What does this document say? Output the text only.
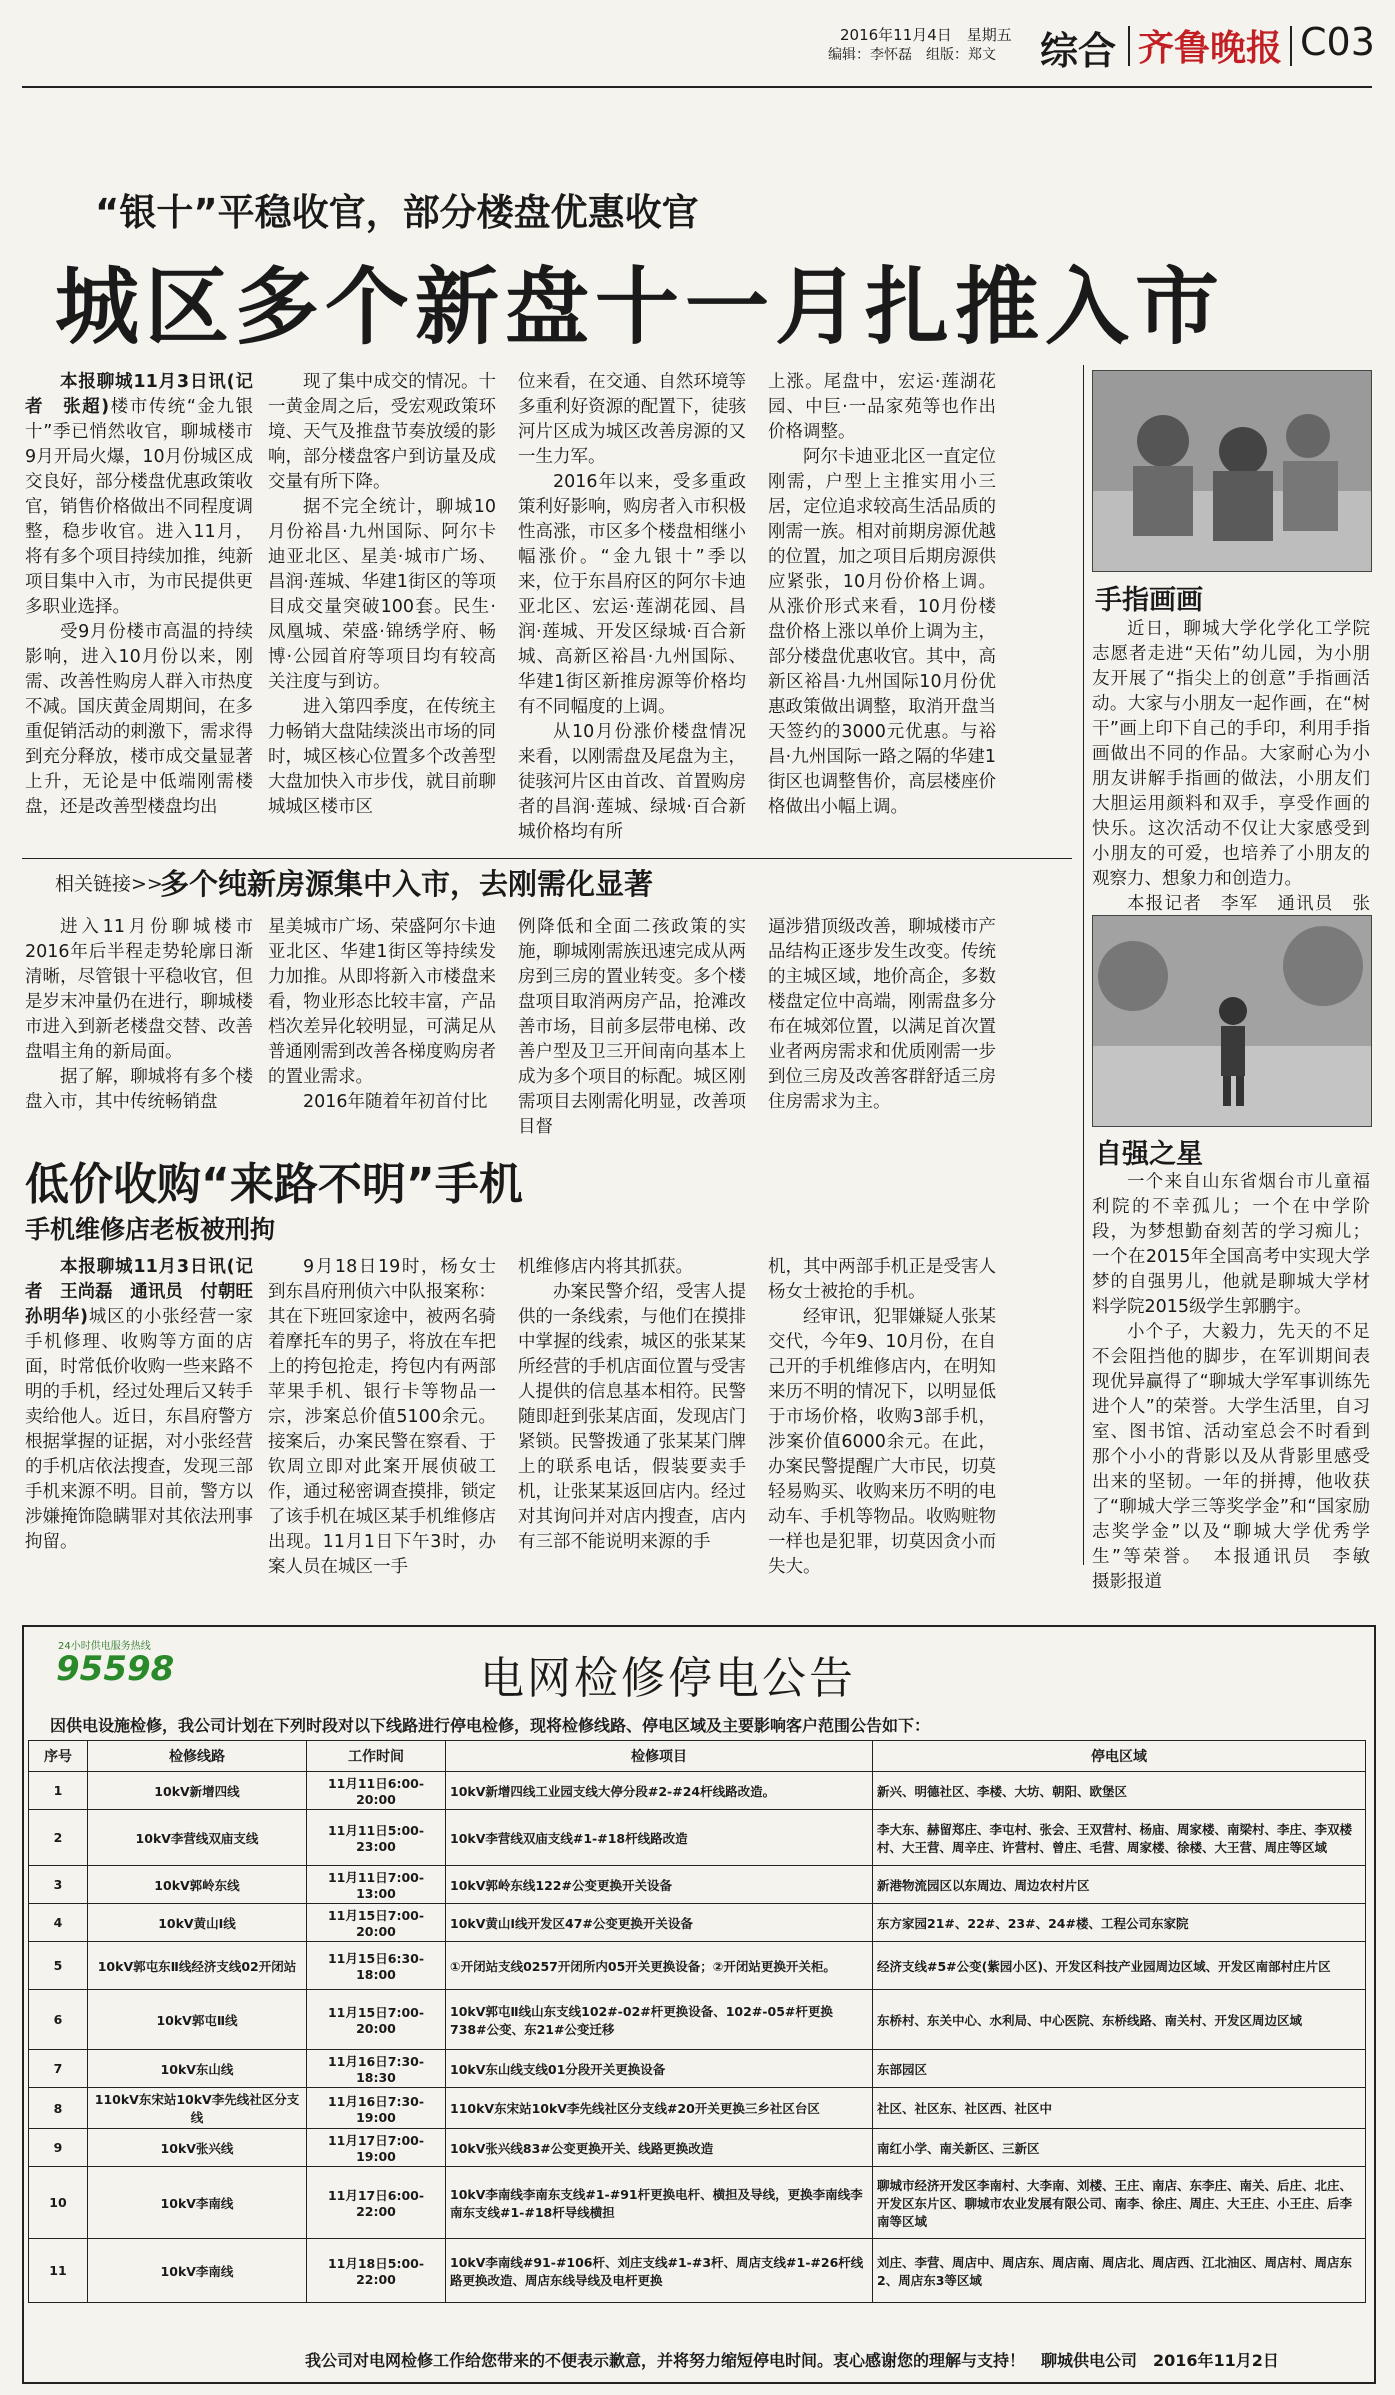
2016年11月4日　星期五
编辑：李怀磊　组版：郑文 综合 齐鲁晚报 C03
“银十”平稳收官，部分楼盘优惠收官
城区多个新盘十一月扎推入市

本报聊城11月3日讯(记者　张超)楼市传统“金九银十”季已悄然收官，聊城楼市9月开局火爆，10月份城区成交良好，部分楼盘优惠政策收官，销售价格做出不同程度调整，稳步收官。进入11月，将有多个项目持续加推，纯新项目集中入市，为市民提供更多职业选择。

受9月份楼市高温的持续影响，进入10月份以来，刚需、改善性购房人群入市热度不减。国庆黄金周期间，在多重促销活动的刺激下，需求得到充分释放，楼市成交量显著上升，无论是中低端刚需楼盘，还是改善型楼盘均出

现了集中成交的情况。十一黄金周之后，受宏观政策环境、天气及推盘节奏放缓的影响，部分楼盘客户到访量及成交量有所下降。

据不完全统计，聊城10月份裕昌·九州国际、阿尔卡迪亚北区、星美·城市广场、昌润·莲城、华建1街区的等项目成交量突破100套。民生·凤凰城、荣盛·锦绣学府、畅博·公园首府等项目均有较高关注度与到访。

进入第四季度，在传统主力畅销大盘陆续淡出市场的同时，城区核心位置多个改善型大盘加快入市步伐，就目前聊城城区楼市区

位来看，在交通、自然环境等多重利好资源的配置下，徒骇河片区成为城区改善房源的又一生力军。

2016年以来，受多重政策利好影响，购房者入市积极性高涨，市区多个楼盘相继小幅涨价。“金九银十”季以来，位于东昌府区的阿尔卡迪亚北区、宏运·莲湖花园、昌润·莲城、开发区绿城·百合新城、高新区裕昌·九州国际、华建1街区新推房源等价格均有不同幅度的上调。

从10月份涨价楼盘情况来看，以刚需盘及尾盘为主，徒骇河片区由首改、首置购房者的昌润·莲城、绿城·百合新城价格均有所

上涨。尾盘中，宏运·莲湖花园、中巨·一品家苑等也作出价格调整。

阿尔卡迪亚北区一直定位刚需，户型上主推实用小三居，定位追求较高生活品质的刚需一族。相对前期房源优越的位置，加之项目后期房源供应紧张，10月份价格上调。从涨价形式来看，10月份楼盘价格上涨以单价上调为主，部分楼盘优惠收官。其中，高新区裕昌·九州国际10月份优惠政策做出调整，取消开盘当天签约的3000元优惠。与裕昌·九州国际一路之隔的华建1街区也调整售价，高层楼座价格做出小幅上调。

手指画画

近日，聊城大学化学化工学院志愿者走进“天佑”幼儿园，为小朋友开展了“指尖上的创意”手指画活动。大家与小朋友一起作画，在“树干”画上印下自己的手印，利用手指画做出不同的作品。大家耐心为小朋友讲解手指画的做法，小朋友们大胆运用颜料和双手，享受作画的快乐。这次活动不仅让大家感受到小朋友的可爱，也培养了小朋友的观察力、想象力和创造力。

本报记者　李军　通讯员　张　　

相关链接>>
多个纯新房源集中入市，去刚需化显著

进入11月份聊城楼市2016年后半程走势轮廓日渐清晰，尽管银十平稳收官，但是岁末冲量仍在进行，聊城楼市进入到新老楼盘交替、改善盘唱主角的新局面。

据了解，聊城将有多个楼盘入市，其中传统畅销盘

星美城市广场、荣盛阿尔卡迪亚北区、华建1街区等持续发力加推。从即将新入市楼盘来看，物业形态比较丰富，产品档次差异化较明显，可满足从普通刚需到改善各梯度购房者的置业需求。

2016年随着年初首付比

例降低和全面二孩政策的实施，聊城刚需族迅速完成从两房到三房的置业转变。多个楼盘项目取消两房产品，抢滩改善市场，目前多层带电梯、改善户型及卫三开间南向基本上成为多个项目的标配。城区刚需项目去刚需化明显，改善项目督

逼涉猎顶级改善，聊城楼市产品结构正逐步发生改变。传统的主城区域，地价高企，多数楼盘定位中高端，刚需盘多分布在城郊位置，以满足首次置业者两房需求和优质刚需一步到位三房及改善客群舒适三房住房需求为主。

自强之星

一个来自山东省烟台市儿童福利院的不幸孤儿；一个在中学阶段，为梦想勤奋刻苦的学习痴儿；一个在2015年全国高考中实现大学梦的自强男儿，他就是聊城大学材料学院2015级学生郭鹏宇。

小个子，大毅力，先天的不足不会阻挡他的脚步，在军训期间表现优异赢得了“聊城大学军事训练先进个人”的荣誉。大学生活里，自习室、图书馆、活动室总会不时看到那个小小的背影以及从背影里感受出来的坚韧。一年的拼搏，他收获了“聊城大学三等奖学金”和“国家励志奖学金”以及“聊城大学优秀学生”等荣誉。　本报通讯员　李敏　摄影报道

低价收购“来路不明”手机
手机维修店老板被刑拘

本报聊城11月3日讯(记者　王尚磊　通讯员　付朝旺　孙明华)城区的小张经营一家手机修理、收购等方面的店面，时常低价收购一些来路不明的手机，经过处理后又转手卖给他人。近日，东昌府警方根据掌握的证据，对小张经营的手机店依法搜查，发现三部手机来源不明。目前，警方以涉嫌掩饰隐瞒罪对其依法刑事拘留。

9月18日19时，杨女士到东昌府刑侦六中队报案称：其在下班回家途中，被两名骑着摩托车的男子，将放在车把上的挎包抢走，挎包内有两部苹果手机、银行卡等物品一宗，涉案总价值5100余元。接案后，办案民警在察看、于钦周立即对此案开展侦破工作，通过秘密调查摸排，锁定了该手机在城区某手机维修店出现。11月1日下午3时，办案人员在城区一手

机维修店内将其抓获。

办案民警介绍，受害人提供的一条线索，与他们在摸排中掌握的线索，城区的张某某所经营的手机店面位置与受害人提供的信息基本相符。民警随即赶到张某店面，发现店门紧锁。民警拨通了张某某门牌上的联系电话，假装要卖手机，让张某某返回店内。经过对其询问并对店内搜查，店内有三部不能说明来源的手

机，其中两部手机正是受害人杨女士被抢的手机。

经审讯，犯罪嫌疑人张某交代，今年9、10月份，在自己开的手机维修店内，在明知来历不明的情况下，以明显低于市场价格，收购3部手机，涉案价值6000余元。在此，办案民警提醒广大市民，切莫轻易购买、收购来历不明的电动车、手机等物品。收购赃物一样也是犯罪，切莫因贪小而失大。

24小时供电服务热线
95598	电网检修停电公告
因供电设施检修，我公司计划在下列时段对以下线路进行停电检修，现将检修线路、停电区域及主要影响客户范围公告如下：
序号	检修线路	工作时间	检修项目	停电区域
1	10kV新增四线	11月11日6:00-20:00	10kV新增四线工业园支线大停分段#2-#24杆线路改造。	新兴、明德社区、李楼、大坊、朝阳、欧堡区
2	10kV李营线双庙支线	11月11日5:00-23:00	10kV李营线双庙支线#1-#18杆线路改造	李大东、赫留郑庄、李屯村、张会、王双营村、杨庙、周家楼、南梁村、李庄、李双楼村、大王营、周辛庄、许营村、曾庄、毛营、周家楼、徐楼、大王营、周庄等区域
3	10kV郭岭东线	11月11日7:00-13:00	10kV郭岭东线122#公变更换开关设备	新港物流园区以东周边、周边农村片区
4	10kV黄山I线	11月15日7:00-20:00	10kV黄山I线开发区47#公变更换开关设备	东方家园21#、22#、23#、24#楼、工程公司东家院
5	10kV郭屯东Ⅱ线经济支线02开闭站	11月15日6:30-18:00	①开闭站支线0257开闭所内05开关更换设备；②开闭站更换开关柜。	经济支线#5#公变(紫园小区)、开发区科技产业园周边区域、开发区南部村庄片区
6	10kV郭屯Ⅱ线	11月15日7:00-20:00	10kV郭屯Ⅱ线山东支线102#-02#杆更换设备、102#-05#杆更换738#公变、东21#公变迁移	东桥村、东关中心、水利局、中心医院、东桥线路、南关村、开发区周边区域
7	10kV东山线	11月16日7:30-18:30	10kV东山线支线01分段开关更换设备	东部园区
8	110kV东宋站10kV李先线社区分支线	11月16日7:30-19:00	110kV东宋站10kV李先线社区分支线#20开关更换三乡社区台区	社区、社区东、社区西、社区中
9	10kV张兴线	11月17日7:00-19:00	10kV张兴线83#公变更换开关、线路更换改造	南红小学、南关新区、三新区
10	10kV李南线	11月17日6:00-22:00	10kV李南线李南东支线#1-#91杆更换电杆、横担及导线，更换李南线李南东支线#1-#18杆导线横担	聊城市经济开发区李南村、大李南、刘楼、王庄、南店、东李庄、南关、后庄、北庄、开发区东片区、聊城市农业发展有限公司、南李、徐庄、周庄、大王庄、小王庄、后李南等区域
11	10kV李南线	11月18日5:00-22:00	10kV李南线#91-#106杆、刘庄支线#1-#3杆、周店支线#1-#26杆线路更换改造、周店东线导线及电杆更换	刘庄、李营、周店中、周店东、周店南、周店北、周店西、江北油区、周店村、周店东2、周店东3等区域
我公司对电网检修工作给您带来的不便表示歉意，并将努力缩短停电时间。衷心感谢您的理解与支持！　聊城供电公司　2016年11月2日
